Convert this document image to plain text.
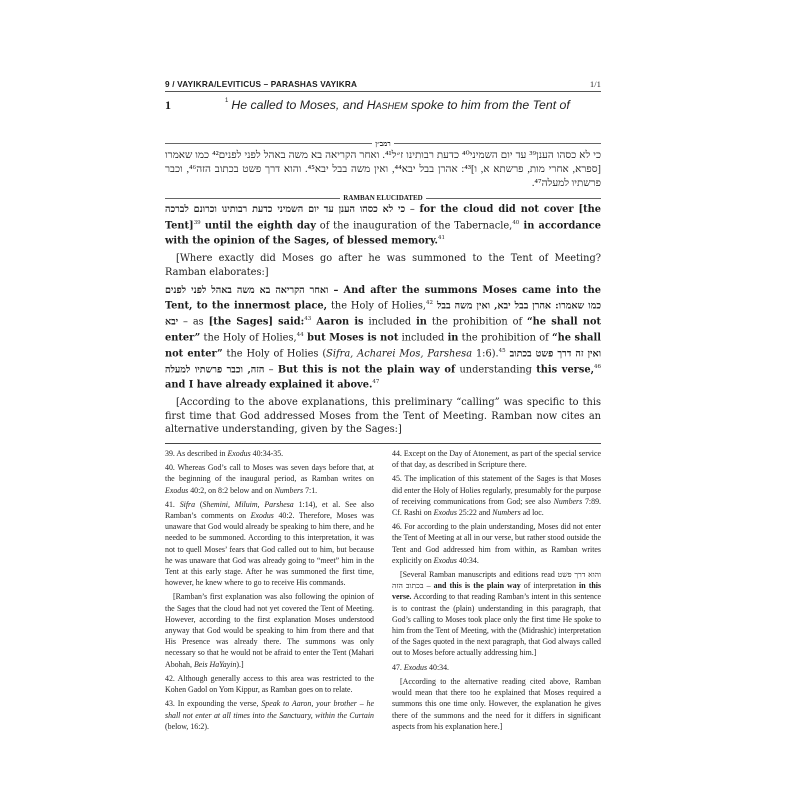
9 / VAYIKRA/LEVITICUS – PARASHAS VAYIKRA	1/1
1	$^1$ He called to Moses, and Hashem spoke to him from the Tent of
רמב״ן
כי לא כסהו הענן³⁹ עד יום השמיני⁴⁰ כדעת רבותינו ז״ל⁴¹. ואחר הקריאה בא משה באהל לפני לפנים⁴² כמו שאמרו [ספרא, אחרי מות, פרשתא א, ו]⁴³: אהרן בבל יבא⁴⁴, ואין משה בבל יבא⁴⁵. והוא דרך פשט בכתוב הזה⁴⁶, וכבר פרשתיו למעלה⁴⁷.
RAMBAN ELUCIDATED

כי לא כסהו הענן עד יום השמיני כדעת רבותינו וכרונם לברכה – for the cloud did not cover [the Tent]$^{39}$ until the eighth day of the inauguration of the Tabernacle,$^{40}$ in accordance with the opinion of the Sages, of blessed memory.$^{41}$

[Where exactly did Moses go after he was summoned to the Tent of Meeting? Ramban elaborates:]

ואחר הקריאה בא משה באהל לפני לפנים – And after the summons Moses came into the Tent, to the innermost place, the Holy of Holies,$^{42}$ כמו שאמרו: אהרן בבל יבא, ואין משה בבל יבא – as [the Sages] said:$^{43}$ Aaron is included in the prohibition of “he shall not enter” the Holy of Holies,$^{44}$ but Moses is not included in the prohibition of “he shall not enter” the Holy of Holies (Sifra, Acharei Mos, Parshesa 1:6).$^{45}$ ואין זה דרך פשט בכתוב הזה, וכבר פרשתיו למעלה – But this is not the plain way of understanding this verse,$^{46}$ and I have already explained it above.$^{47}$

[According to the above explanations, this preliminary “calling” was specific to this first time that God addressed Moses from the Tent of Meeting. Ramban now cites an alternative understanding, given by the Sages:]

39. As described in Exodus 40:34-35.

40. Whereas God’s call to Moses was seven days before that, at the beginning of the inaugural period, as Ramban writes on Exodus 40:2, on 8:2 below and on Numbers 7:1.

41. Sifra (Shemini, Miluim, Parshesa 1:14), et al. See also Ramban’s comments on Exodus 40:2. Therefore, Moses was unaware that God would already be speaking to him there, and he needed to be summoned. According to this interpretation, it was not to quell Moses’ fears that God called out to him, but because he was unaware that God was already going to “meet” him in the Tent at this early stage. After he was summoned the first time, however, he knew where to go to receive His commands.

[Ramban’s first explanation was also following the opinion of the Sages that the cloud had not yet covered the Tent of Meeting. However, according to the first explanation Moses understood anyway that God would be speaking to him from there and that His Presence was already there. The summons was only necessary so that he would not be afraid to enter the Tent (Mahari Abohah, Beis HaYayin).]

42. Although generally access to this area was restricted to the Kohen Gadol on Yom Kippur, as Ramban goes on to relate.

43. In expounding the verse, Speak to Aaron, your brother – he shall not enter at all times into the Sanctuary, within the Curtain (below, 16:2).

44. Except on the Day of Atonement, as part of the special service of that day, as described in Scripture there.

45. The implication of this statement of the Sages is that Moses did enter the Holy of Holies regularly, presumably for the purpose of receiving communications from God; see also Numbers 7:89. Cf. Rashi on Exodus 25:22 and Numbers ad loc.

46. For according to the plain understanding, Moses did not enter the Tent of Meeting at all in our verse, but rather stood outside the Tent and God addressed him from within, as Ramban writes explicitly on Exodus 40:34.

[Several Ramban manuscripts and editions read והוא דרך פשט בכתוב הזה – and this is the plain way of interpretation in this verse. According to that reading Ramban’s intent in this sentence is to contrast the (plain) understanding in this paragraph, that God’s calling to Moses took place only the first time He spoke to him from the Tent of Meeting, with the (Midrashic) interpretation of the Sages quoted in the next paragraph, that God always called out to Moses before actually addressing him.]

47. Exodus 40:34.

[According to the alternative reading cited above, Ramban would mean that there too he explained that Moses required a summons this one time only. However, the explanation he gives there of the summons and the need for it differs in significant aspects from his explanation here.]
